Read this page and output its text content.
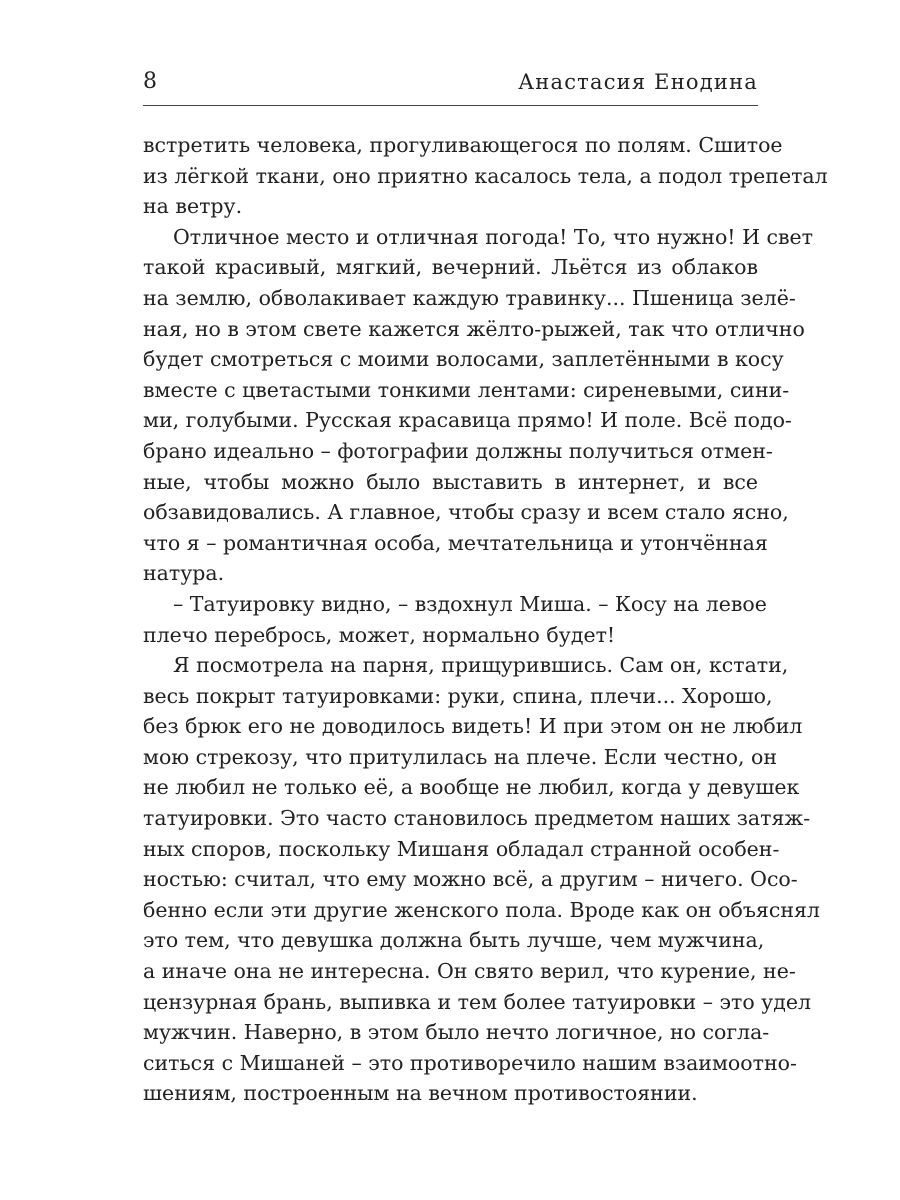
8	Анастасия Енодина
встретить человека, прогуливающегося по полям. Сшитое
из лёгкой ткани, оно приятно касалось тела, а подол трепетал
на ветру.
Отличное место и отличная погода! То, что нужно! И свет
такой красивый, мягкий, вечерний. Льётся из облаков
на землю, обволакивает каждую травинку... Пшеница зелё-
ная, но в этом свете кажется жёлто-рыжей, так что отлично
будет смотреться с моими волосами, заплетёнными в косу
вместе с цветастыми тонкими лентами: сиреневыми, сини-
ми, голубыми. Русская красавица прямо! И поле. Всё подо-
брано идеально – фотографии должны получиться отмен-
ные, чтобы можно было выставить в интернет, и все
обзавидовались. А главное, чтобы сразу и всем стало ясно,
что я – романтичная особа, мечтательница и утончённая
натура.
– Татуировку видно, – вздохнул Миша. – Косу на левое
плечо перебрось, может, нормально будет!
Я посмотрела на парня, прищурившись. Сам он, кстати,
весь покрыт татуировками: руки, спина, плечи... Хорошо,
без брюк его не доводилось видеть! И при этом он не любил
мою стрекозу, что притулилась на плече. Если честно, он
не любил не только её, а вообще не любил, когда у девушек
татуировки. Это часто становилось предметом наших затяж-
ных споров, поскольку Мишаня обладал странной особен-
ностью: считал, что ему можно всё, а другим – ничего. Осо-
бенно если эти другие женского пола. Вроде как он объяснял
это тем, что девушка должна быть лучше, чем мужчина,
а иначе она не интересна. Он свято верил, что курение, не-
цензурная брань, выпивка и тем более татуировки – это удел
мужчин. Наверно, в этом было нечто логичное, но согла-
ситься с Мишаней – это противоречило нашим взаимоотно-
шениям, построенным на вечном противостоянии.
